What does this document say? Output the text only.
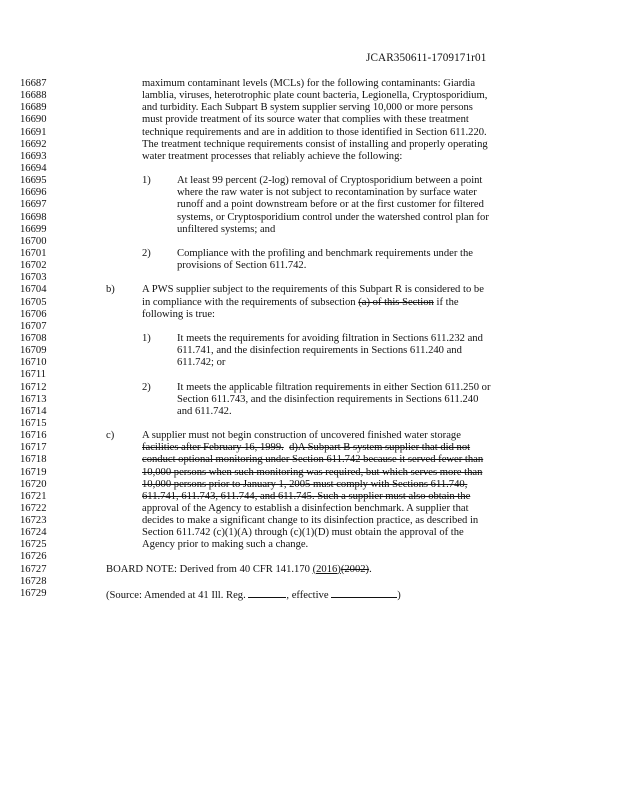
JCAR350611-1709171r01
16687	maximum contaminant levels (MCLs) for the following contaminants: Giardia
16688	lamblia, viruses, heterotrophic plate count bacteria, Legionella, Cryptosporidium,
16689	and turbidity. Each Subpart B system supplier serving 10,000 or more persons
16690	must provide treatment of its source water that complies with these treatment
16691	technique requirements and are in addition to those identified in Section 611.220.
16692	The treatment technique requirements consist of installing and properly operating
16693	water treatment processes that reliably achieve the following:
16694
16695	1) At least 99 percent (2-log) removal of Cryptosporidium between a point
16696	where the raw water is not subject to recontamination by surface water
16697	runoff and a point downstream before or at the first customer for filtered
16698	systems, or Cryptosporidium control under the watershed control plan for
16699	unfiltered systems; and
16700
16701	2) Compliance with the profiling and benchmark requirements under the
16702	provisions of Section 611.742.
16703
16704	b)	A PWS supplier subject to the requirements of this Subpart R is considered to be
16705	in compliance with the requirements of subsection (a) of this Section if the
16706	following is true:
16707
16708	1) It meets the requirements for avoiding filtration in Sections 611.232 and
16709	611.741, and the disinfection requirements in Sections 611.240 and
16710	611.742; or
16711
16712	2) It meets the applicable filtration requirements in either Section 611.250 or
16713	Section 611.743, and the disinfection requirements in Sections 611.240
16714	and 611.742.
16715
16716	c)	A supplier must not begin construction of uncovered finished water storage
16717	facilities after February 16, 1999. d)A Subpart B system supplier that did not
16718	conduct optional monitoring under Section 611.742 because it served fewer than
16719	10,000 persons when such monitoring was required, but which serves more than
16720	10,000 persons prior to January 1, 2005 must comply with Sections 611.740,
16721	611.741, 611.743, 611.744, and 611.745. Such a supplier must also obtain the
16722	approval of the Agency to establish a disinfection benchmark. A supplier that
16723	decides to make a significant change to its disinfection practice, as described in
16724	Section 611.742 (c)(1)(A) through (c)(1)(D) must obtain the approval of the
16725	Agency prior to making such a change.
16726
16727	BOARD NOTE: Derived from 40 CFR 141.170 (2016)(2002).
16728
16729	(Source: Amended at 41 Ill. Reg.	, effective	)
